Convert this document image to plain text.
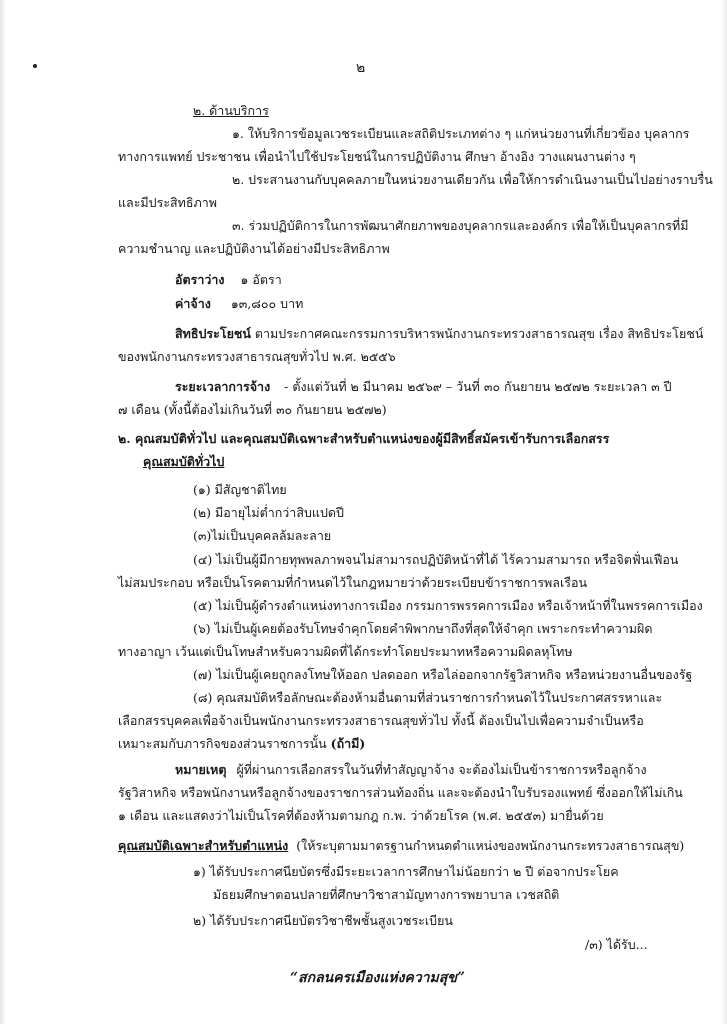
๒
๒. ด้านบริการ
๑. ให้บริการข้อมูลเวชระเบียนและสถิติประเภทต่าง ๆ แก่หน่วยงานที่เกี่ยวข้อง บุคลากร
ทางการแพทย์ ประชาชน เพื่อนำไปใช้ประโยชน์ในการปฏิบัติงาน ศึกษา อ้างอิง วางแผนงานต่าง ๆ
๒. ประสานงานกับบุคคลภายในหน่วยงานเดียวกัน เพื่อให้การดำเนินงานเป็นไปอย่างราบรื่น
และมีประสิทธิภาพ
๓. ร่วมปฏิบัติการในการพัฒนาศักยภาพของบุคลากรและองค์กร เพื่อให้เป็นบุคลากรที่มี
ความชำนาญ และปฏิบัติงานได้อย่างมีประสิทธิภาพ
อัตราว่าง ๑ อัตรา
ค่าจ้าง ๑๓,๘๐๐ บาท
สิทธิประโยชน์ ตามประกาศคณะกรรมการบริหารพนักงานกระทรวงสาธารณสุข เรื่อง สิทธิประโยชน์
ของพนักงานกระทรวงสาธารณสุขทั่วไป พ.ศ. ๒๕๕๖
ระยะเวลาการจ้าง - ตั้งแต่วันที่ ๒ มีนาคม ๒๕๖๙ – วันที่ ๓๐ กันยายน ๒๕๗๒ ระยะเวลา ๓ ปี
๗ เดือน (ทั้งนี้ต้องไม่เกินวันที่ ๓๐ กันยายน ๒๕๗๒)
๒. คุณสมบัติทั่วไป และคุณสมบัติเฉพาะสำหรับตำแหน่งของผู้มีสิทธิ์สมัครเข้ารับการเลือกสรร
คุณสมบัติทั่วไป
(๑) มีสัญชาติไทย
(๒) มีอายุไม่ต่ำกว่าสิบแปดปี
(๓)ไม่เป็นบุคคลล้มละลาย
(๔) ไม่เป็นผู้มีกายทุพพลภาพจนไม่สามารถปฏิบัติหน้าที่ได้ ไร้ความสามารถ หรือจิตฟั่นเฟือน
ไม่สมประกอบ หรือเป็นโรคตามที่กำหนดไว้ในกฎหมายว่าด้วยระเบียบข้าราชการพลเรือน
(๕) ไม่เป็นผู้ดำรงตำแหน่งทางการเมือง กรรมการพรรคการเมือง หรือเจ้าหน้าที่ในพรรคการเมือง
(๖) ไม่เป็นผู้เคยต้องรับโทษจำคุกโดยคำพิพากษาถึงที่สุดให้จำคุก เพราะกระทำความผิด
ทางอาญา เว้นแต่เป็นโทษสำหรับความผิดที่ได้กระทำโดยประมาทหรือความผิดลหุโทษ
(๗) ไม่เป็นผู้เคยถูกลงโทษให้ออก ปลดออก หรือไล่ออกจากรัฐวิสาหกิจ หรือหน่วยงานอื่นของรัฐ
(๘) คุณสมบัติหรือลักษณะต้องห้ามอื่นตามที่ส่วนราชการกำหนดไว้ในประกาศสรรหาและ
เลือกสรรบุคคลเพื่อจ้างเป็นพนักงานกระทรวงสาธารณสุขทั่วไป ทั้งนี้ ต้องเป็นไปเพื่อความจำเป็นหรือ
เหมาะสมกับภารกิจของส่วนราชการนั้น (ถ้ามี)
หมายเหตุ ผู้ที่ผ่านการเลือกสรรในวันที่ทำสัญญาจ้าง จะต้องไม่เป็นข้าราชการหรือลูกจ้าง
รัฐวิสาหกิจ หรือพนักงานหรือลูกจ้างของราชการส่วนท้องถิ่น และจะต้องนำใบรับรองแพทย์ ซึ่งออกให้ไม่เกิน
๑ เดือน และแสดงว่าไม่เป็นโรคที่ต้องห้ามตามกฎ ก.พ. ว่าด้วยโรค (พ.ศ. ๒๕๕๓) มายื่นด้วย
คุณสมบัติเฉพาะสำหรับตำแหน่ง (ให้ระบุตามมาตรฐานกำหนดตำแหน่งของพนักงานกระทรวงสาธารณสุข)
๑) ได้รับประกาศนียบัตรซึ่งมีระยะเวลาการศึกษาไม่น้อยกว่า ๒ ปี ต่อจากประโยค
มัธยมศึกษาตอนปลายที่ศึกษาวิชาสามัญทางการพยาบาล เวชสถิติ
๒) ได้รับประกาศนียบัตรวิชาชีพชั้นสูงเวชระเบียน
/๓) ได้รับ...
“สกลนครเมืองแห่งความสุข”
